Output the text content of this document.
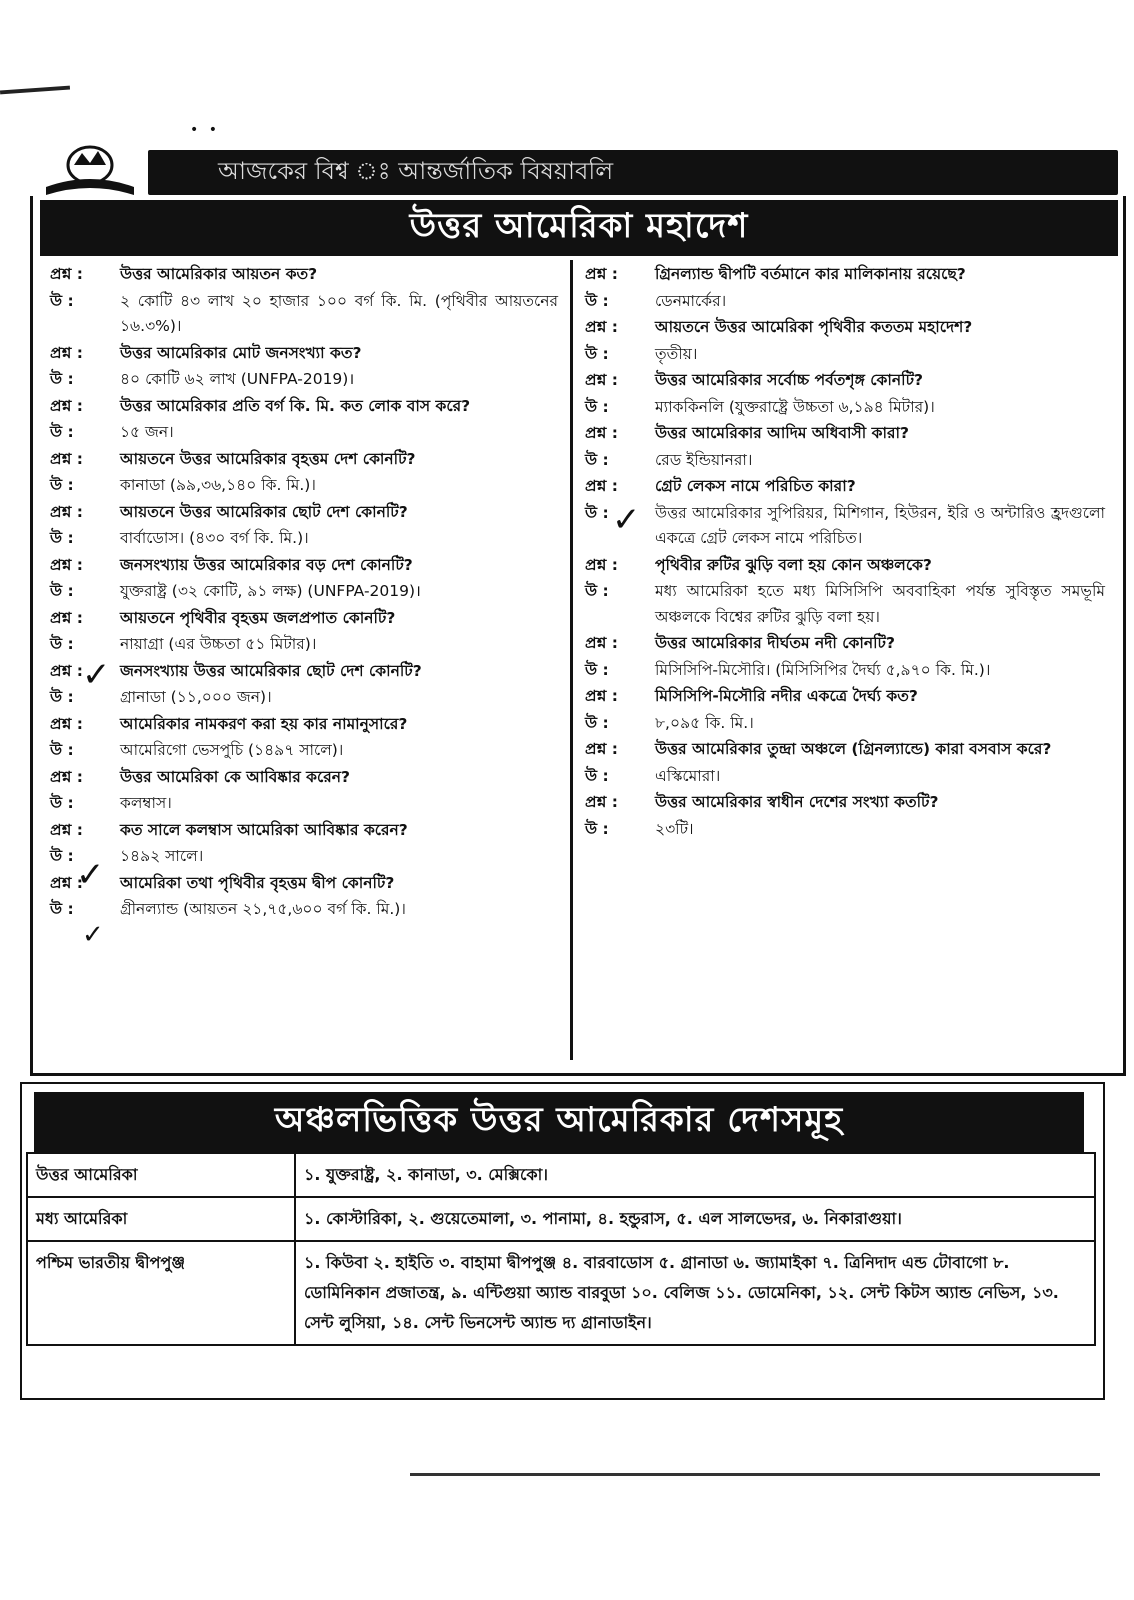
• •
আজকের বিশ্ব ঃ আন্তর্জাতিক বিষয়াবলি
উত্তর আমেরিকা মহাদেশ
প্রশ্ন :	উত্তর আমেরিকার আয়তন কত?
উ :	২ কোটি ৪৩ লাখ ২০ হাজার ১০০ বর্গ কি. মি. (পৃথিবীর আয়তনের ১৬.৩%)।
প্রশ্ন :	উত্তর আমেরিকার মোট জনসংখ্যা কত?
উ :	৪০ কোটি ৬২ লাখ (UNFPA-2019)।
প্রশ্ন :	উত্তর আমেরিকার প্রতি বর্গ কি. মি. কত লোক বাস করে?
উ :	১৫ জন।
প্রশ্ন :	আয়তনে উত্তর আমেরিকার বৃহত্তম দেশ কোনটি?
উ :	কানাডা (৯৯,৩৬,১৪০ কি. মি.)।
প্রশ্ন :	আয়তনে উত্তর আমেরিকার ছোট দেশ কোনটি?
উ :	বার্বাডোস। (৪৩০ বর্গ কি. মি.)।
প্রশ্ন :	জনসংখ্যায় উত্তর আমেরিকার বড় দেশ কোনটি?
উ :	যুক্তরাষ্ট্র (৩২ কোটি, ৯১ লক্ষ) (UNFPA-2019)।
প্রশ্ন :	আয়তনে পৃথিবীর বৃহত্তম জলপ্রপাত কোনটি?
উ :	নায়াগ্রা (এর উচ্চতা ৫১ মিটার)।
প্রশ্ন :	জনসংখ্যায় উত্তর আমেরিকার ছোট দেশ কোনটি?
উ :	গ্রানাডা (১১,০০০ জন)।
প্রশ্ন :	আমেরিকার নামকরণ করা হয় কার নামানুসারে?
উ :	আমেরিগো ভেসপুচি (১৪৯৭ সালে)।
প্রশ্ন :	উত্তর আমেরিকা কে আবিষ্কার করেন?
উ :	কলম্বাস।
প্রশ্ন :	কত সালে কলম্বাস আমেরিকা আবিষ্কার করেন?
উ :	১৪৯২ সালে।
প্রশ্ন :	আমেরিকা তথা পৃথিবীর বৃহত্তম দ্বীপ কোনটি?
উ :	গ্রীনল্যান্ড (আয়তন ২১,৭৫,৬০০ বর্গ কি. মি.)।
প্রশ্ন :	গ্রিনল্যান্ড দ্বীপটি বর্তমানে কার মালিকানায় রয়েছে?
উ :	ডেনমার্কের।
প্রশ্ন :	আয়তনে উত্তর আমেরিকা পৃথিবীর কততম মহাদেশ?
উ :	তৃতীয়।
প্রশ্ন :	উত্তর আমেরিকার সর্বোচ্চ পর্বতশৃঙ্গ কোনটি?
উ :	ম্যাককিনলি (যুক্তরাষ্ট্রে উচ্চতা ৬,১৯৪ মিটার)।
প্রশ্ন :	উত্তর আমেরিকার আদিম অধিবাসী কারা?
উ :	রেড ইন্ডিয়ানরা।
প্রশ্ন :	গ্রেট লেকস নামে পরিচিত কারা?
উ :	উত্তর আমেরিকার সুপিরিয়র, মিশিগান, হিউরন, ইরি ও অন্টারিও হ্রদগুলো একত্রে গ্রেট লেকস নামে পরিচিত।
প্রশ্ন :	পৃথিবীর রুটির ঝুড়ি বলা হয় কোন অঞ্চলকে?
উ :	মধ্য আমেরিকা হতে মধ্য মিসিসিপি অববাহিকা পর্যন্ত সুবিস্তৃত সমভূমি অঞ্চলকে বিশ্বের রুটির ঝুড়ি বলা হয়।
প্রশ্ন :	উত্তর আমেরিকার দীর্ঘতম নদী কোনটি?
উ :	মিসিসিপি-মিসৌরি। (মিসিসিপির দৈর্ঘ্য ৫,৯৭০ কি. মি.)।
প্রশ্ন :	মিসিসিপি-মিসৌরি নদীর একত্রে দৈর্ঘ্য কত?
উ :	৮,০৯৫ কি. মি.।
প্রশ্ন :	উত্তর আমেরিকার তুন্দ্রা অঞ্চলে (গ্রিনল্যান্ডে) কারা বসবাস করে?
উ :	এস্কিমোরা।
প্রশ্ন :	উত্তর আমেরিকার স্বাধীন দেশের সংখ্যা কতটি?
উ :	২৩টি।
✓
✓
✓
✓
অঞ্চলভিত্তিক উত্তর আমেরিকার দেশসমূহ
উত্তর আমেরিকা	১. যুক্তরাষ্ট্র, ২. কানাডা, ৩. মেক্সিকো।
মধ্য আমেরিকা	১. কোস্টারিকা, ২. গুয়েতেমালা, ৩. পানামা, ৪. হন্ডুরাস, ৫. এল সালভেদর, ৬. নিকারাগুয়া।
পশ্চিম ভারতীয় দ্বীপপুঞ্জ	১. কিউবা ২. হাইতি ৩. বাহামা দ্বীপপুঞ্জ ৪. বারবাডোস ৫. গ্রানাডা ৬. জ্যামাইকা ৭. ত্রিনিদাদ এন্ড টোবাগো ৮. ডোমিনিকান প্রজাতন্ত্র, ৯. এন্টিগুয়া অ্যান্ড বারবুডা ১০. বেলিজ ১১. ডোমেনিকা, ১২. সেন্ট কিটস অ্যান্ড নেভিস, ১৩. সেন্ট লুসিয়া, ১৪. সেন্ট ভিনসেন্ট অ্যান্ড দ্য গ্রানাডাইন।
